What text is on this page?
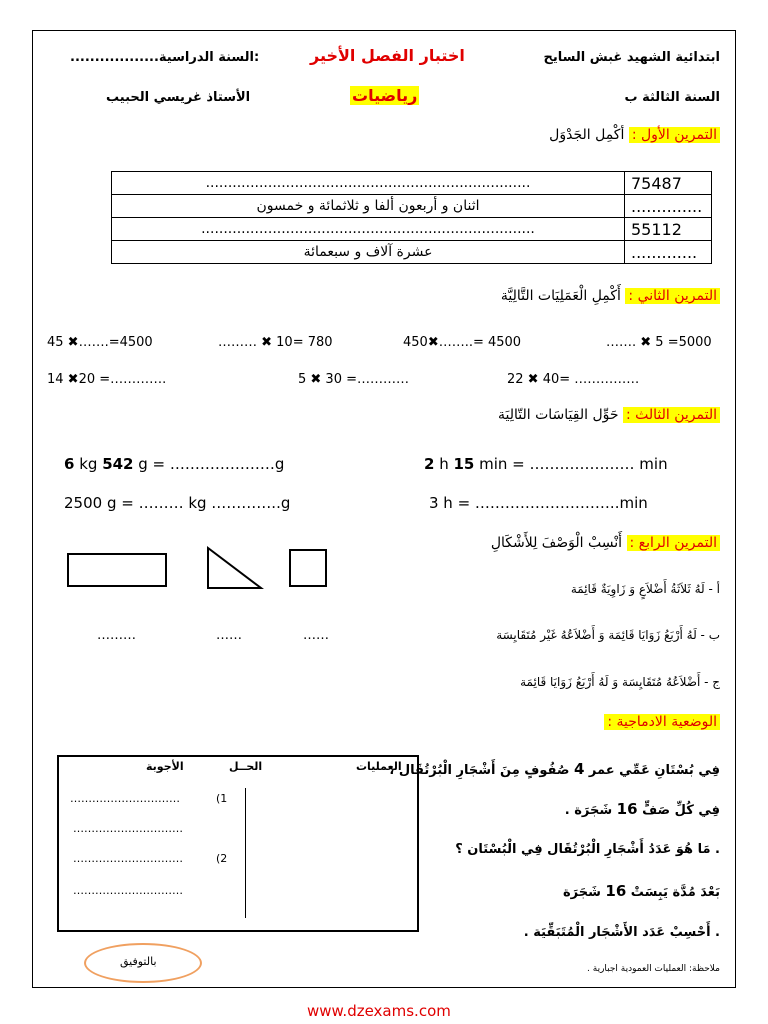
ابتدائية الشهيد غبش السايح
اختبار الفصل الأخير
..................السنة الدراسية:
السنة الثالثة ب
رياضيات
الأستاذ غريسي الحبيب
التمرين الأول : أكْمِل الجَدْوَل
.........................................................................	75487
اثنان و أربعون ألفا و ثلاثمائة و خمسون	..............
...........................................................................	55112
عشرة آلاف و سبعمائة	.............
التمرين الثاني : أَكْمِلِ الْعَمَلِيَات التَّالِيَّة
45 ✖…….=4500	……… ✖ 10= 780	450✖……..= 4500	……. ✖ 5 =5000
14 ✖20 =………….	5 ✖ 30 =…………	22 ✖ 40= ……………
التمرين الثالث : حَوِّل القِيَاسَات التّالِيَة
6 kg 542 g = …………………g	2 h 15 min = ………………… min
2500 g = ……… kg …………..g	3 h = ………………………..min
التمرين الرابع : أَنْسِبْ الْوَصْفَ لِلأَشْكَالِ
………	……	……
أ - لَهُ ثَلاَثَةُ أَضْلاَعٍ وَ زَاوِيَةٌ قَائِمَة
ب - لَهُ أَرْبَعُ زَوَايَا قَائِمَة وَ أَضْلاَعُهُ غَيْر مُتَقَايِسَة
ج - أَضْلاَعُهُ مُتَقَايِسَة وَ لَهُ أَرْبَعُ زَوَايَا قَائِمَة
الوضعية الادماجية :
فِي بُسْتَانِ عَمِّي عمر 4 صُفُوفٍ مِنَ أَشْجَارِ الْبُرْتُقَال ،
فِي كُلِّ صَفٍّ 16 شَجَرَة .
. مَا هُوَ عَدَدُ أَشْجَارِ الْبُرْتُقَال فِي الْبُسْتَان ؟
بَعْدَ مُدَّة يَبِسَتْ 16 شَجَرَة
. أَحْسِبْ عَدَد الأَشْجَار الْمُتَبَقِّيَة .
الأجوبة	الحــل	العمليات
(1
(2
…………………………
…………………………
…………………………
…………………………
ملاحظة: العمليات العمودية اجبارية .
بالتوفيق
www.dzexams.com
